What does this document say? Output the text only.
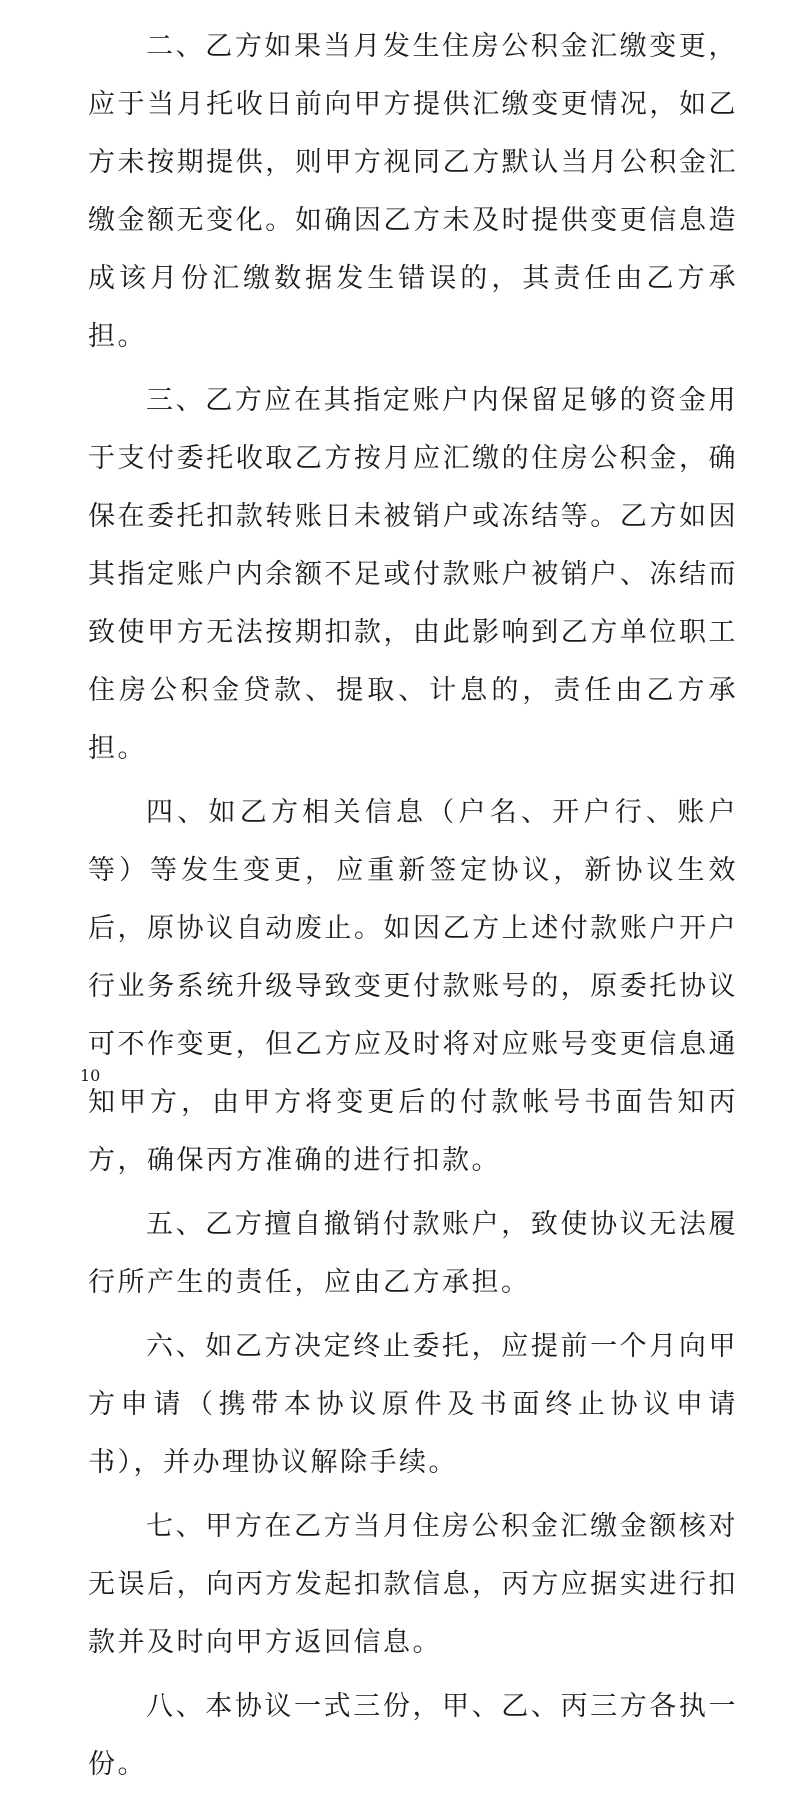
二、乙方如果当月发生住房公积金汇缴变更，应于当月托收日前向甲方提供汇缴变更情况，如乙方未按期提供，则甲方视同乙方默认当月公积金汇缴金额无变化。如确因乙方未及时提供变更信息造成该月份汇缴数据发生错误的，其责任由乙方承担。

三、乙方应在其指定账户内保留足够的资金用于支付委托收取乙方按月应汇缴的住房公积金，确保在委托扣款转账日未被销户或冻结等。乙方如因其指定账户内余额不足或付款账户被销户、冻结而致使甲方无法按期扣款，由此影响到乙方单位职工住房公积金贷款、提取、计息的，责任由乙方承担。

四、如乙方相关信息（户名、开户行、账户等）等发生变更，应重新签定协议，新协议生效后，原协议自动废止。如因乙方上述付款账户开户行业务系统升级导致变更付款账号的，原委托协议可不作变更，但乙方应及时将对应账号变更信息通知甲方，由甲方将变更后的付款帐号书面告知丙方，确保丙方准确的进行扣款。

五、乙方擅自撤销付款账户，致使协议无法履行所产生的责任，应由乙方承担。

六、如乙方决定终止委托，应提前一个月向甲方申请（携带本协议原件及书面终止协议申请书），并办理协议解除手续。

七、甲方在乙方当月住房公积金汇缴金额核对无误后，向丙方发起扣款信息，丙方应据实进行扣款并及时向甲方返回信息。

八、本协议一式三份，甲、乙、丙三方各执一份。

10
